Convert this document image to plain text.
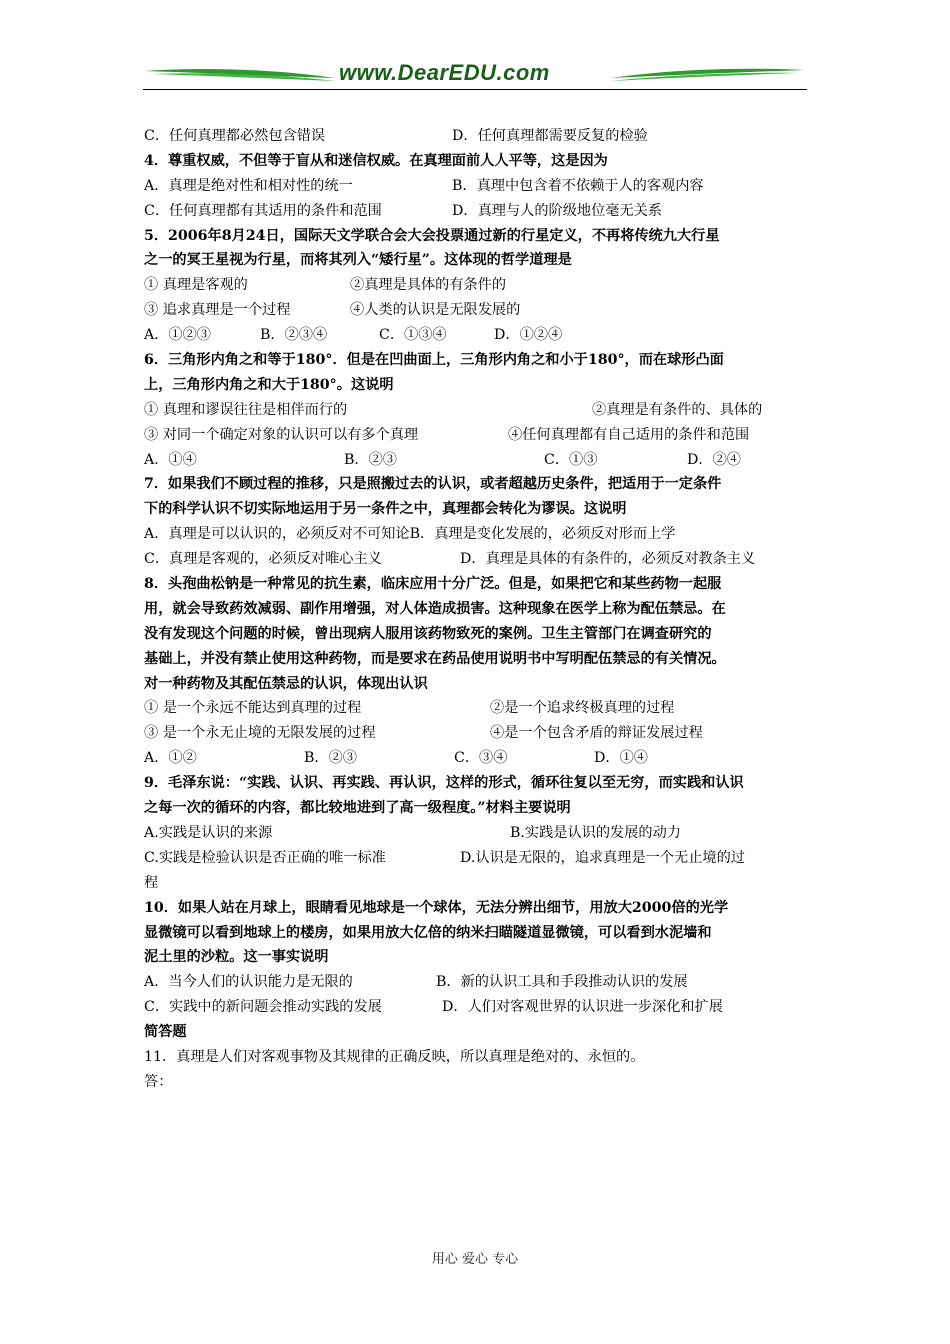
www.DearEDU.com
C．任何真理都必然包含错误	D．任何真理都需要反复的检验
4．尊重权威，不但等于盲从和迷信权威。在真理面前人人平等，这是因为
A．真理是绝对性和相对性的统一	B．真理中包含着不依赖于人的客观内容
C．任何真理都有其适用的条件和范围	D．真理与人的阶级地位毫无关系
5．2006年8月24日，国际天文学联合会大会投票通过新的行星定义，不再将传统九大行星
之一的冥王星视为行星，而将其列入“矮行星”。这体现的哲学道理是
① 真理是客观的	②真理是具体的有条件的
③ 追求真理是一个过程	④人类的认识是无限发展的
A．①②③	B．②③④	C．①③④	D．①②④
6．三角形内角之和等于180°．但是在凹曲面上，三角形内角之和小于180°，而在球形凸面
上，三角形内角之和大于180°。这说明
① 真理和谬误往往是相伴而行的	②真理是有条件的、具体的
③ 对同一个确定对象的认识可以有多个真理	④任何真理都有自己适用的条件和范围
A．①④	B．②③	C．①③	D．②④
7．如果我们不顾过程的推移，只是照搬过去的认识，或者超越历史条件，把适用于一定条件
下的科学认识不切实际地运用于另一条件之中，真理都会转化为谬误。这说明
A．真理是可以认识的，必须反对不可知论B．真理是变化发展的，必须反对形而上学
C．真理是客观的，必须反对唯心主义	D．真理是具体的有条件的，必须反对教条主义
8．头孢曲松钠是一种常见的抗生素，临床应用十分广泛。但是，如果把它和某些药物一起服
用，就会导致药效减弱、副作用增强，对人体造成损害。这种现象在医学上称为配伍禁忌。在
没有发现这个问题的时候，曾出现病人服用该药物致死的案例。卫生主管部门在调查研究的
基础上，并没有禁止使用这种药物，而是要求在药品使用说明书中写明配伍禁忌的有关情况。
对一种药物及其配伍禁忌的认识，体现出认识
① 是一个永远不能达到真理的过程	②是一个追求终极真理的过程
③ 是一个永无止境的无限发展的过程	④是一个包含矛盾的辩证发展过程
A．①②	B．②③	C．③④	D．①④
9．毛泽东说：“实践、认识、再实践、再认识，这样的形式，循环往复以至无穷，而实践和认识
之每一次的循环的内容，都比较地进到了高一级程度。”材料主要说明
A.实践是认识的来源	B.实践是认识的发展的动力
C.实践是检验认识是否正确的唯一标准	D.认识是无限的，追求真理是一个无止境的过
程
10．如果人站在月球上，眼睛看见地球是一个球体，无法分辨出细节，用放大2000倍的光学
显微镜可以看到地球上的楼房，如果用放大亿倍的纳米扫瞄隧道显微镜，可以看到水泥墙和
泥土里的沙粒。这一事实说明
A．当今人们的认识能力是无限的	B．新的认识工具和手段推动认识的发展
C．实践中的新问题会推动实践的发展	D．人们对客观世界的认识进一步深化和扩展
简答题
11．真理是人们对客观事物及其规律的正确反映，所以真理是绝对的、永恒的。
答：
用心 爱心 专心
